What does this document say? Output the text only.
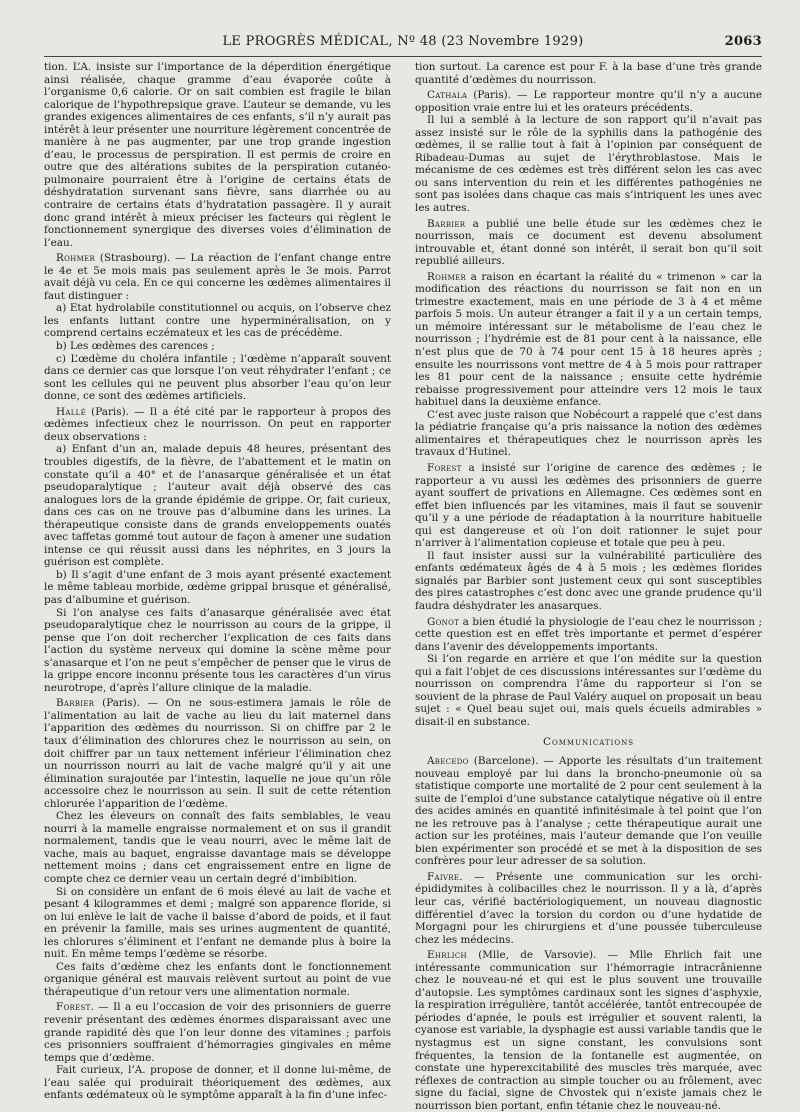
LE PROGRÈS MÉDICAL, Nº 48 (23 Novembre 1929)	2063

tion. L’A. insiste sur l’importance de la déperdition énergétique ainsi réalisée, chaque gramme d’eau évaporée coûte à l’organisme 0,6 calorie. Or on sait combien est fragile le bilan calorique de l’hypothrepsique grave. L’auteur se demande, vu les grandes exigences alimentaires de ces enfants, s’il n’y aurait pas intérêt à leur présenter une nourriture légèrement concentrée de manière à ne pas augmenter, par une trop grande ingestion d’eau, le processus de perspiration. Il est permis de croire en outre que des altérations subites de la perspiration cutanéo-pulmonaire pourraient être à l’origine de certains états de déshydratation survenant sans fièvre, sans diarrhée ou au contraire de certains états d’hydratation passagère. Il y aurait donc grand intérêt à mieux préciser les facteurs qui règlent le fonctionnement synergique des diverses voies d’élimination de l’eau.

Rohmer (Strasbourg). — La réaction de l’enfant change entre le 4e et 5e mois mais pas seulement après le 3e mois. Parrot avait déjà vu cela. En ce qui concerne les œdèmes alimentaires il faut distinguer :

a) Etat hydrolabile constitutionnel ou acquis, on l’observe chez les enfants luttant contre une hyperminéralisation, on y comprend certains eczémateux et les cas de précédème.

b) Les œdèmes des carences ;

c) L’œdème du choléra infantile ; l’œdème n’apparaît souvent dans ce dernier cas que lorsque l’on veut réhydrater l’enfant ; ce sont les cellules qui ne peuvent plus absorber l’eau qu’on leur donne, ce sont des œdèmes artificiels.

Hallé (Paris). — Il a été cité par le rapporteur à propos des œdèmes infectieux chez le nourrisson. On peut en rapporter deux observations :

a) Enfant d’un an, malade depuis 48 heures, présentant des troubles digestifs, de la fièvre, de l’abattement et le matin on constate qu’il a 40° et de l’anasarque généralisée et un état pseudoparalytique ; l’auteur avait déjà observé des cas analogues lors de la grande épidémie de grippe. Or, fait curieux, dans ces cas on ne trouve pas d’albumine dans les urines. La thérapeutique consiste dans de grands enveloppements ouatés avec taffetas gommé tout autour de façon à amener une sudation intense ce qui réussit aussi dans les néphrites, en 3 jours la guérison est complète.

b) Il s’agit d’une enfant de 3 mois ayant présenté exactement le même tableau morbide, œdème grippal brusque et généralisé, pas d’albumine et guérison.

Si l’on analyse ces faits d’anasarque généralisée avec état pseudoparalytique chez le nourrisson au cours de la grippe, il pense que l’on doit rechercher l’explication de ces faits dans l’action du système nerveux qui domine la scène même pour s’anasarque et l’on ne peut s’empêcher de penser que le virus de la grippe encore inconnu présente tous les caractères d’un virus neurotrope, d’après l’allure clinique de la maladie.

Barbier (Paris). — On ne sous-estimera jamais le rôle de l’alimentation au lait de vache au lieu du lait maternel dans l’apparition des œdèmes du nourrisson. Si on chiffre par 2 le taux d’élimination des chlorures chez le nourrisson au sein, on doit chiffrer par un taux nettement inférieur l’élimination chez un nourrisson nourri au lait de vache malgré qu’il y ait une élimination surajoutée par l’intestin, laquelle ne joue qu’un rôle accessoire chez le nourrisson au sein. Il suit de cette rétention chlorurée l’apparition de l’œdème.

Chez les éleveurs on connaît des faits semblables, le veau nourri à la mamelle engraisse normalement et on sus il grandit normalement, tandis que le veau nourri, avec le même lait de vache, mais au baquet, engraisse davantage mais se développe nettement moins ; dans cet engraissement entre en ligne de compte chez ce dernier veau un certain degré d’imbibition.

Si on considère un enfant de 6 mois élevé au lait de vache et pesant 4 kilogrammes et demi ; malgré son apparence floride, si on lui enlève le lait de vache il baisse d’abord de poids, et il faut en prévenir la famille, mais ses urines augmentent de quantité, les chlorures s’éliminent et l’enfant ne demande plus à boire la nuit. En même temps l’œdème se résorbe.

Ces faits d’œdème chez les enfants dont le fonctionnement organique général est mauvais relèvent surtout au point de vue thérapeutique d’un retour vers une alimentation normale.

Forest. — Il a eu l’occasion de voir des prisonniers de guerre revenir présentant des œdèmes énormes disparaissant avec une grande rapidité dès que l’on leur donne des vitamines ; parfois ces prisonniers souffraient d’hémorragies gingivales en même temps que d’œdème.

Fait curieux, l’A. propose de donner, et il donne lui-même, de l’eau salée qui produirait théoriquement des œdèmes, aux enfants œdémateux où le symptôme apparaît à la fin d’une infec-

tion surtout. La carence est pour F. à la base d’une très grande quantité d’œdèmes du nourrisson.

Cathala (Paris). — Le rapporteur montre qu’il n’y a aucune opposition vraie entre lui et les orateurs précédents.

Il lui a semblé à la lecture de son rapport qu’il n’avait pas assez insisté sur le rôle de la syphilis dans la pathogénie des œdèmes, il se rallie tout à fait à l’opinion par conséquent de Ribadeau-Dumas au sujet de l’érythroblastose. Mais le mécanisme de ces œdèmes est très différent selon les cas avec ou sans intervention du rein et les différentes pathogénies ne sont pas isolées dans chaque cas mais s’intriquent les unes avec les autres.

Barbier a publié une belle étude sur les œdèmes chez le nourrisson, mais ce document est devenu absolument introuvable et, étant donné son intérêt, il serait bon qu’il soit republié ailleurs.

Rohmer a raison en écartant la réalité du « trimenon » car la modification des réactions du nourrisson se fait non en un trimestre exactement, mais en une période de 3 à 4 et même parfois 5 mois. Un auteur étranger a fait il y a un certain temps, un mémoire intéressant sur le métabolisme de l’eau chez le nourrisson ; l’hydrémie est de 81 pour cent à la naissance, elle n’est plus que de 70 à 74 pour cent 15 à 18 heures après ; ensuite les nourrissons vont mettre de 4 à 5 mois pour rattraper les 81 pour cent de la naissance ; ensuite cette hydrémie rebaisse progressivement pour atteindre vers 12 mois le taux habituel dans la deuxième enfance.

C’est avec juste raison que Nobécourt a rappelé que c’est dans la pédiatrie française qu’a pris naissance la notion des œdèmes alimentaires et thérapeutiques chez le nourrisson après les travaux d’Hutinel.

Forest a insisté sur l’origine de carence des œdèmes ; le rapporteur a vu aussi les œdèmes des prisonniers de guerre ayant souffert de privations en Allemagne. Ces œdèmes sont en effet bien influencés par les vitamines, mais il faut se souvenir qu’il y a une période de réadaptation à la nourriture habituelle qui est dangereuse et où l’on doit rationner le sujet pour n’arriver à l’alimentation copieuse et totale que peu à peu.

Il faut insister aussi sur la vulnérabilité particulière des enfants œdémateux âgés de 4 à 5 mois ; les œdèmes florides signalés par Barbier sont justement ceux qui sont susceptibles des pires catastrophes c’est donc avec une grande prudence qu’il faudra déshydrater les anasarques.

Gonot a bien étudié la physiologie de l’eau chez le nourrisson ; cette question est en effet très importante et permet d’espérer dans l’avenir des développements importants.

Si l’on regarde en arrière et que l’on médite sur la question qui a fait l’objet de ces discussions intéressantes sur l’œdème du nourrisson on comprendra l’âme du rapporteur si l’on se souvient de la phrase de Paul Valéry auquel on proposait un beau sujet : « Quel beau sujet oui, mais quels écueils admirables » disait-il en substance.

Communications

Abecedo (Barcelone). — Apporte les résultats d’un traitement nouveau employé par lui dans la broncho-pneumonie où sa statistique comporte une mortalité de 2 pour cent seulement à la suite de l’emploi d’une substance catalytique négative où il entre des acides aminés en quantité infinitésimale à tel point que l’on ne les retrouve pas à l’analyse ; cette thérapeutique aurait une action sur les protéines, mais l’auteur demande que l’on veuille bien expérimenter son procédé et se met à la disposition de ses confrères pour leur adresser de sa solution.

Faivre. — Présente une communication sur les orchi-épididymites à colibacilles chez le nourrisson. Il y a là, d’après leur cas, vérifié bactériologiquement, un nouveau diagnostic différentiel d’avec la torsion du cordon ou d’une hydatide de Morgagni pour les chirurgiens et d’une poussée tuberculeuse chez les médecins.

Ehrlich (Mlle, de Varsovie). — Mlle Ehrlich fait une intéressante communication sur l’hémorragie intracrânienne chez le nouveau-né et qui est le plus souvent une trouvaille d’autopsie. Les symptômes cardinaux sont les signes d’asphyxie, la respiration irrégulière, tantôt accélérée, tantôt entrecoupée de périodes d’apnée, le pouls est irrégulier et souvent ralenti, la cyanose est variable, la dysphagie est aussi variable tandis que le nystagmus est un signe constant, les convulsions sont fréquentes, la tension de la fontanelle est augmentée, on constate une hyperexcitabilité des muscles très marquée, avec réflexes de contraction au simple toucher ou au frôlement, avec signe du facial, signe de Chvostek qui n’existe jamais chez le nourrisson bien portant, enfin tétanie chez le nouveau-né.
